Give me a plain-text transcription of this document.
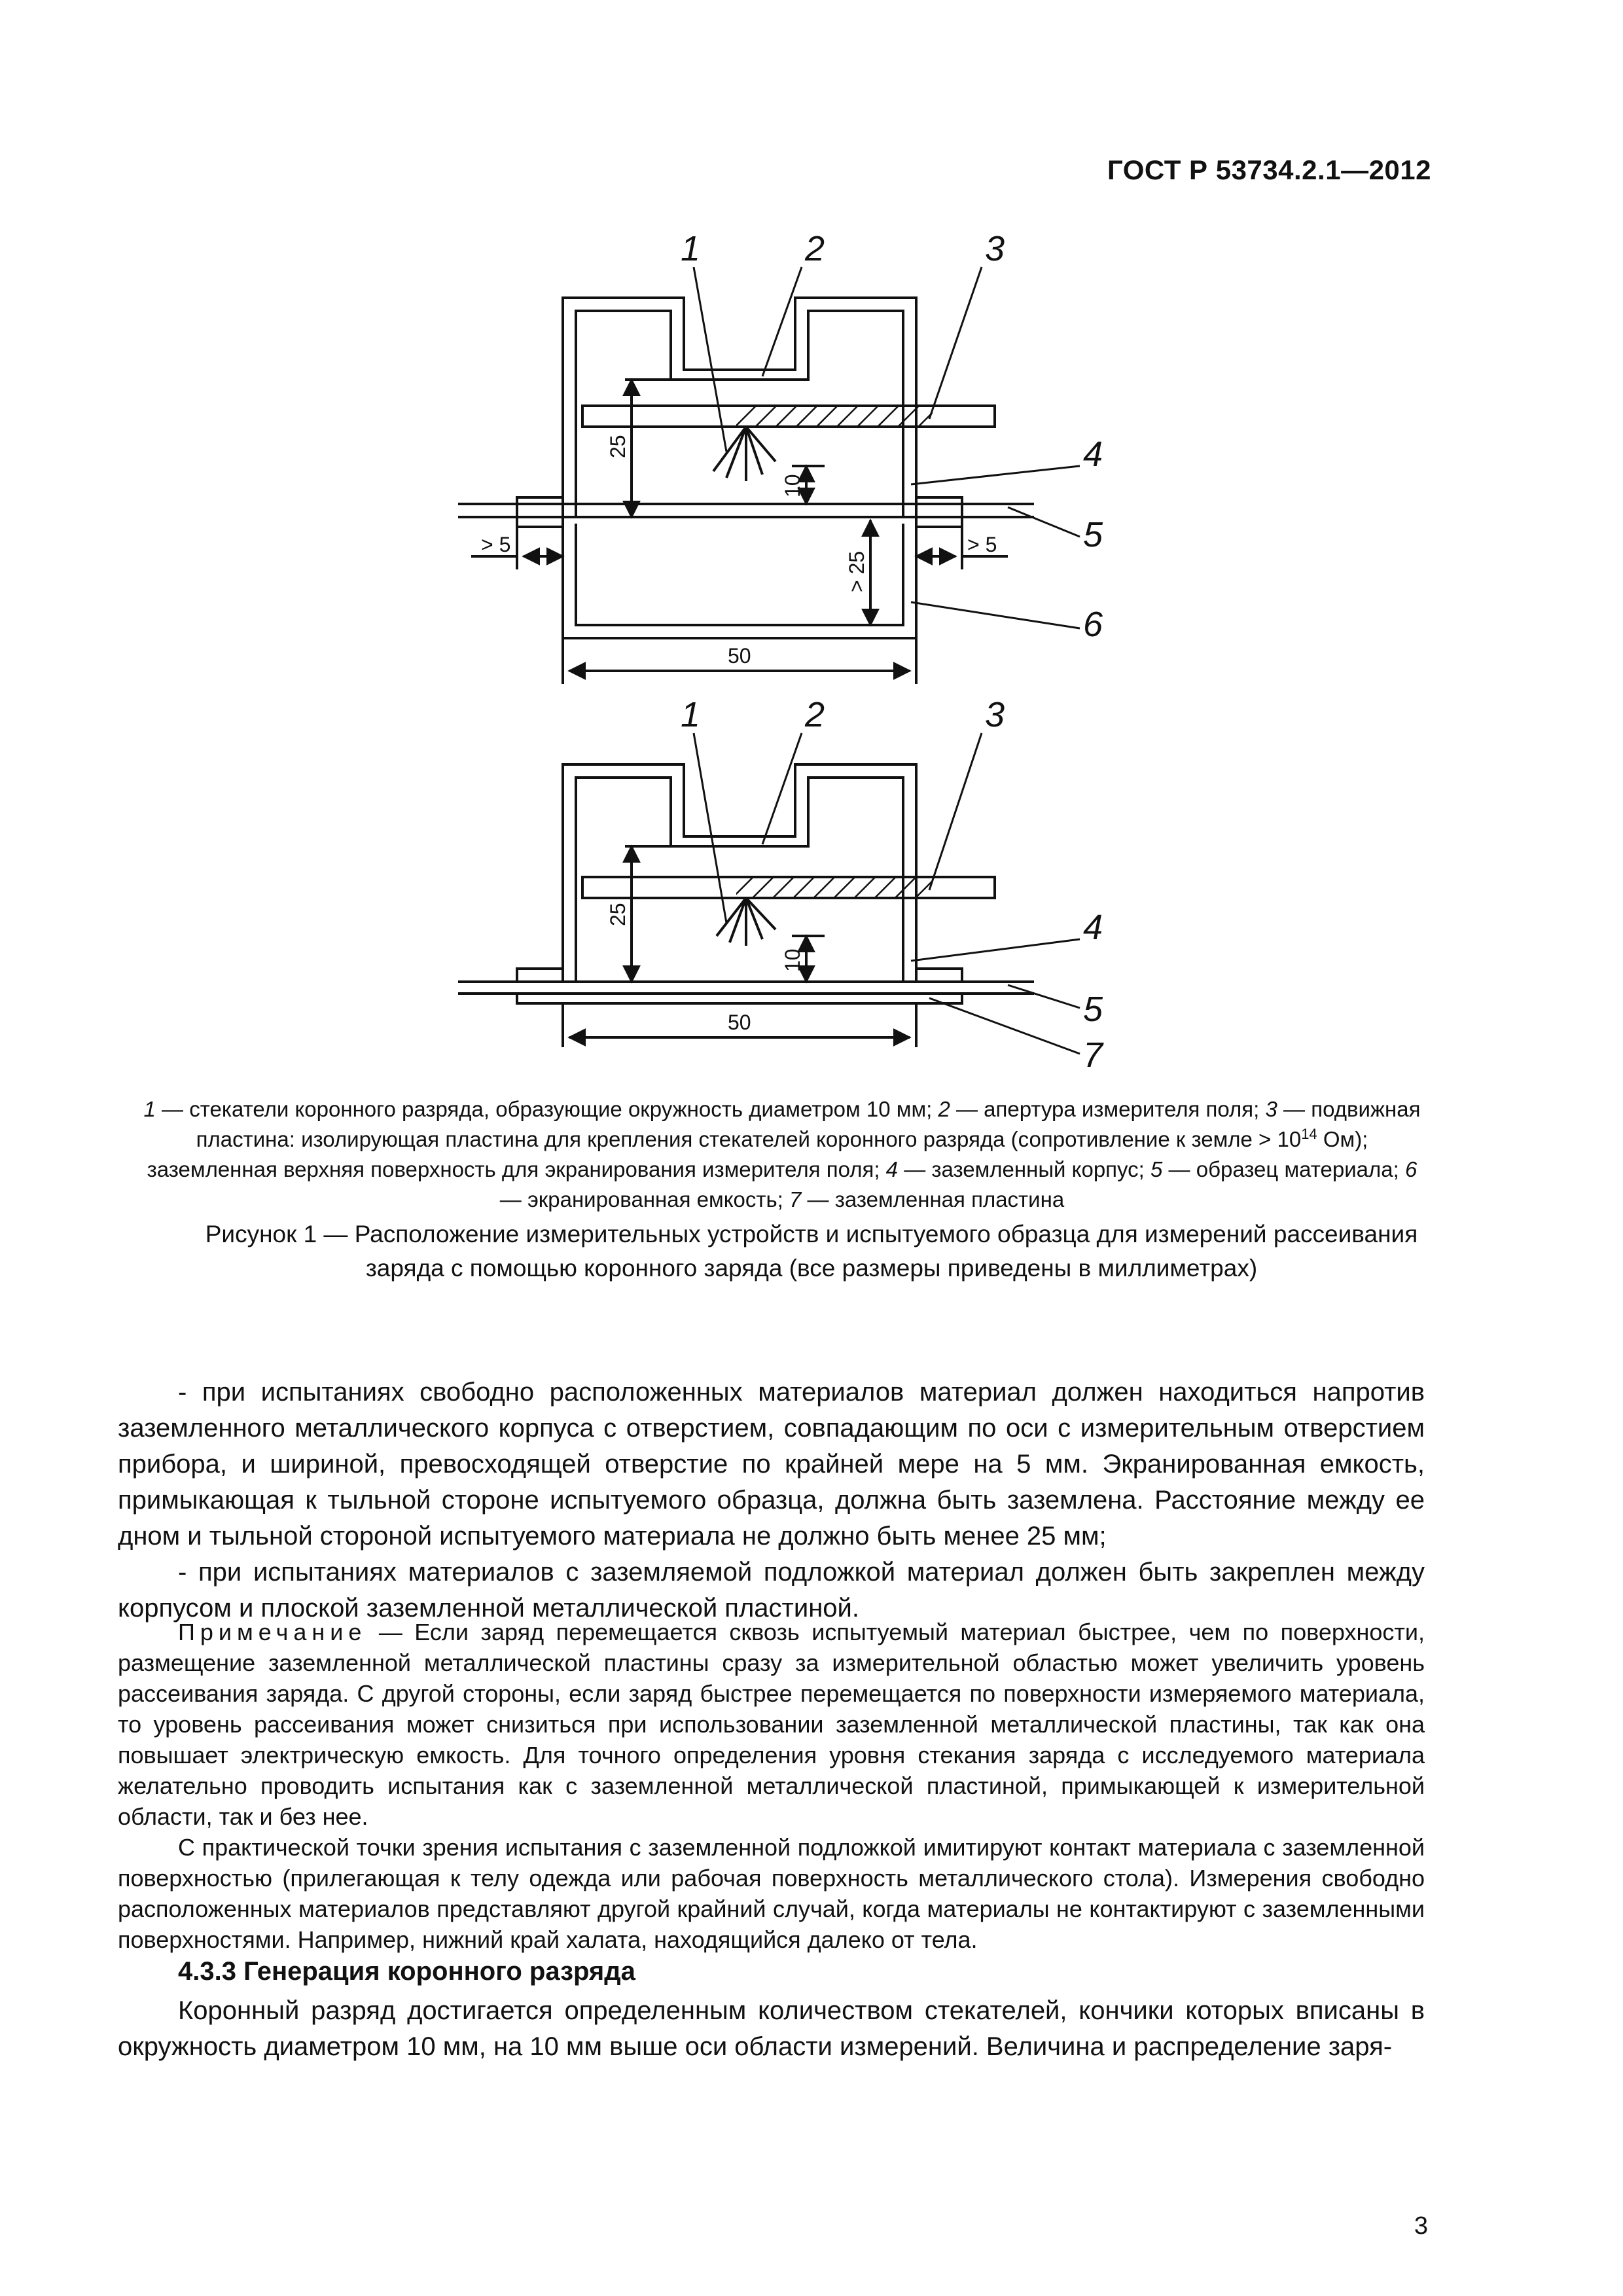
ГОСТ Р 53734.2.1—2012
1	2	3
4
5
6
25
10
> 5	> 5
> 25
50
1	2	3
4
5
7
25
10
50
1 — стекатели коронного разряда, образующие окружность диаметром 10 мм; 2 — апертура измерителя поля; 3 — подвижная пластина: изолирующая пластина для крепления стекателей коронного разряда (сопротивление к земле > $10^{14}$ Ом); заземленная верхняя поверхность для экранирования измерителя поля; 4 — заземленный корпус; 5 — образец материала; 6 — экранированная емкость; 7 — заземленная пластина
Рисунок 1 — Расположение измерительных устройств и испытуемого образца для измерений рассеивания
заряда с помощью коронного заряда (все размеры приведены в миллиметрах)

- при испытаниях свободно расположенных материалов материал должен находиться напротив заземленного металлического корпуса с отверстием, совпадающим по оси с измерительным отверстием прибора, и шириной, превосходящей отверстие по крайней мере на 5 мм. Экранированная емкость, примыкающая к тыльной стороне испытуемого образца, должна быть заземлена. Расстояние между ее дном и тыльной стороной испытуемого материала не должно быть менее 25 мм;

- при испытаниях материалов с заземляемой подложкой материал должен быть закреплен между корпусом и плоской заземленной металлической пластиной.

Примечание — Если заряд перемещается сквозь испытуемый материал быстрее, чем по поверхности, размещение заземленной металлической пластины сразу за измерительной областью может увеличить уровень рассеивания заряда. С другой стороны, если заряд быстрее перемещается по поверхности измеряемого материала, то уровень рассеивания может снизиться при использовании заземленной металлической пластины, так как она повышает электрическую емкость. Для точного определения уровня стекания заряда с исследуемого материала желательно проводить испытания как с заземленной металлической пластиной, примыкающей к измерительной области, так и без нее.

С практической точки зрения испытания с заземленной подложкой имитируют контакт материала с заземленной поверхностью (прилегающая к телу одежда или рабочая поверхность металлического стола). Измерения свободно расположенных материалов представляют другой крайний случай, когда материалы не контактируют с заземленными поверхностями. Например, нижний край халата, находящийся далеко от тела.

4.3.3 Генерация коронного разряда

Коронный разряд достигается определенным количеством стекателей, кончики которых вписаны в окружность диаметром 10 мм, на 10 мм выше оси области измерений. Величина и распределение заря-

3
